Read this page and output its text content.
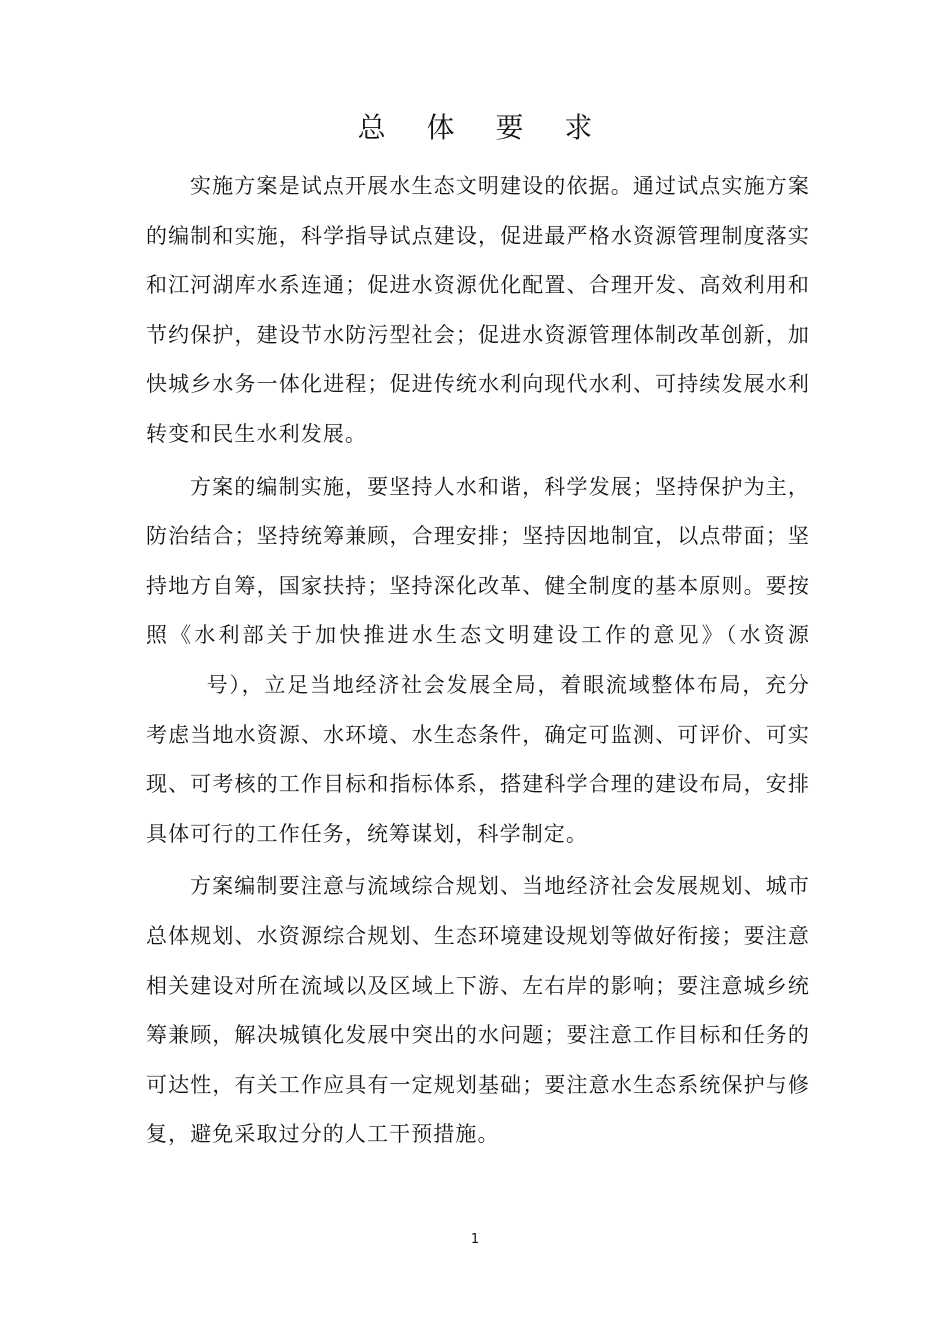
总 体 要 求

实施方案是试点开展水生态文明建设的依据。通过试点实施方案的编制和实施，科学指导试点建设，促进最严格水资源管理制度落实和江河湖库水系连通；促进水资源优化配置、合理开发、高效利用和节约保护，建设节水防污型社会；促进水资源管理体制改革创新，加快城乡水务一体化进程；促进传统水利向现代水利、可持续发展水利转变和民生水利发展。

方案的编制实施，要坚持人水和谐，科学发展；坚持保护为主，防治结合；坚持统筹兼顾，合理安排；坚持因地制宜，以点带面；坚持地方自筹，国家扶持；坚持深化改革、健全制度的基本原则。要按照《水利部关于加快推进水生态文明建设工作的意见》（水资源号），立足当地经济社会发展全局，着眼流域整体布局，充分考虑当地水资源、水环境、水生态条件，确定可监测、可评价、可实现、可考核的工作目标和指标体系，搭建科学合理的建设布局，安排具体可行的工作任务，统筹谋划，科学制定。

方案编制要注意与流域综合规划、当地经济社会发展规划、城市总体规划、水资源综合规划、生态环境建设规划等做好衔接；要注意相关建设对所在流域以及区域上下游、左右岸的影响；要注意城乡统筹兼顾，解决城镇化发展中突出的水问题；要注意工作目标和任务的可达性，有关工作应具有一定规划基础；要注意水生态系统保护与修复，避免采取过分的人工干预措施。

1
